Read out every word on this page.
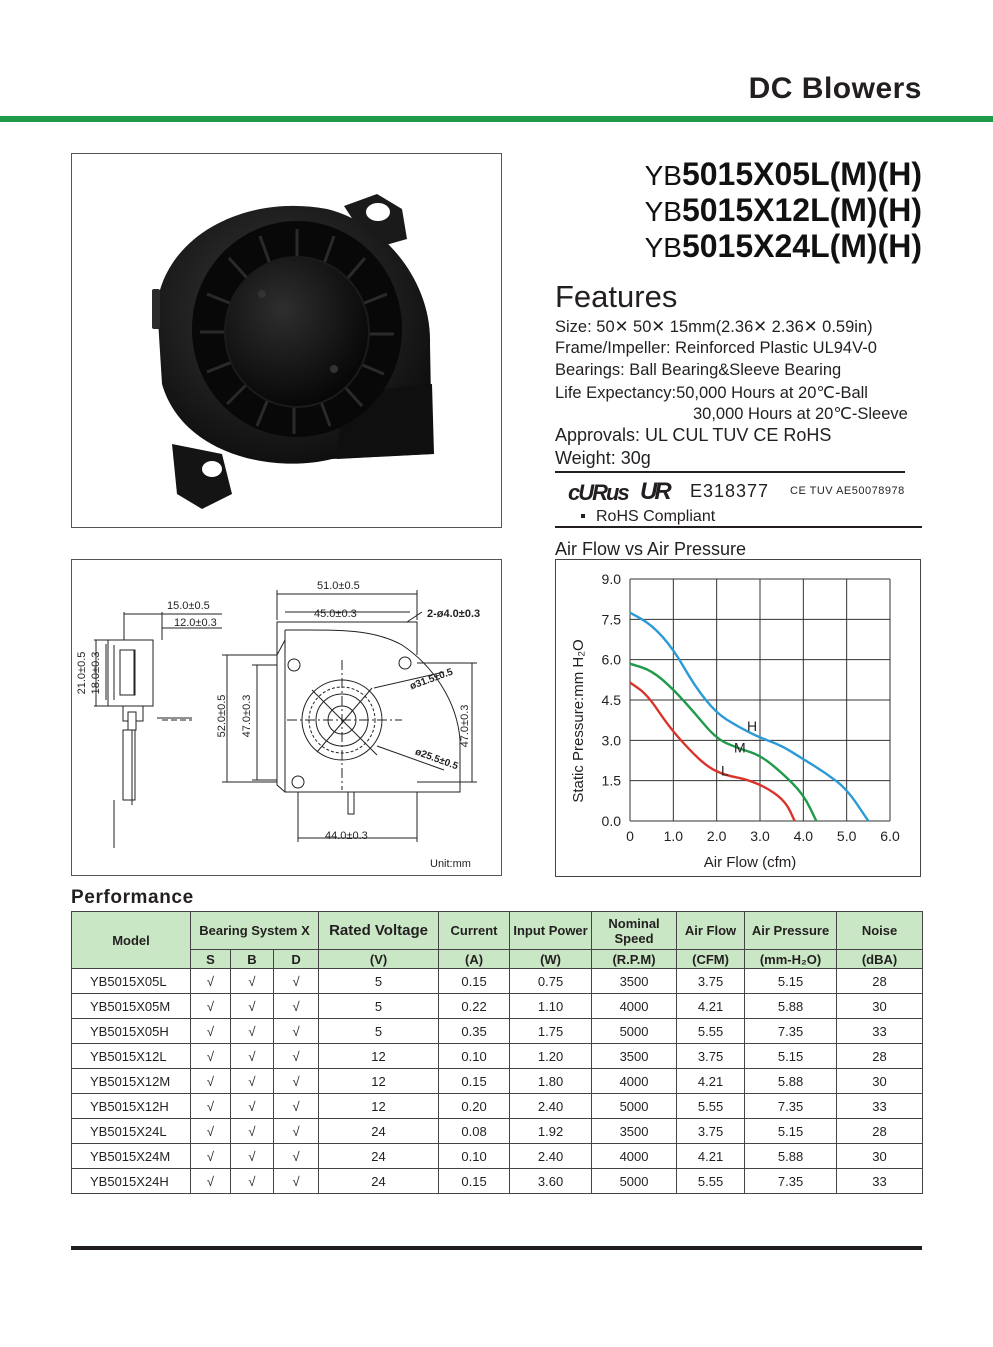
DC Blowers
YB5015X05L(M)(H)
YB5015X12L(M)(H)
YB5015X24L(M)(H)
Features
Size: 50✕ 50✕ 15mm(2.36✕ 2.36✕ 0.59in)
Frame/Impeller: Reinforced Plastic UL94V-0
Bearings: Ball Bearing&Sleeve Bearing
Life Expectancy:50,000 Hours at 20℃-Ball
30,000 Hours at 20℃-Sleeve
Approvals: UL CUL TUV CE RoHS
Weight: 30g
cURus UR E318377 CE TUV AE50078978
RoHS Compliant
51.0±0.5
45.0±0.3	2-ø4.0±0.3
15.0±0.5
12.0±0.3
21.0±0.5 18.0±0.3
52.0±0.5 47.0±0.3	47.0±0.3
ø31.5±0.5
ø25.5±0.5
44.0±0.3
Unit:mm
Air Flow vs Air Pressure
0 1.0 2.0 3.0 4.0 5.0 6.0
0.0
1.5
3.0
4.5
6.0
7.5
9.0
H
M
L
Air Flow (cfm)
Static Pressure:mm H₂O
Performance
Model	Bearing System X			Rated Voltage	Current	Input Power	Nominal Speed	Air Flow	Air Pressure	Noise
	S	B	D	(V)	(A)	(W)	(R.P.M)	(CFM)	(mm-H₂O)	(dBA)
YB5015X05L	√	√	√	5	0.15	0.75	3500	3.75	5.15	28
YB5015X05M	√	√	√	5	0.22	1.10	4000	4.21	5.88	30
YB5015X05H	√	√	√	5	0.35	1.75	5000	5.55	7.35	33
YB5015X12L	√	√	√	12	0.10	1.20	3500	3.75	5.15	28
YB5015X12M	√	√	√	12	0.15	1.80	4000	4.21	5.88	30
YB5015X12H	√	√	√	12	0.20	2.40	5000	5.55	7.35	33
YB5015X24L	√	√	√	24	0.08	1.92	3500	3.75	5.15	28
YB5015X24M	√	√	√	24	0.10	2.40	4000	4.21	5.88	30
YB5015X24H	√	√	√	24	0.15	3.60	5000	5.55	7.35	33
